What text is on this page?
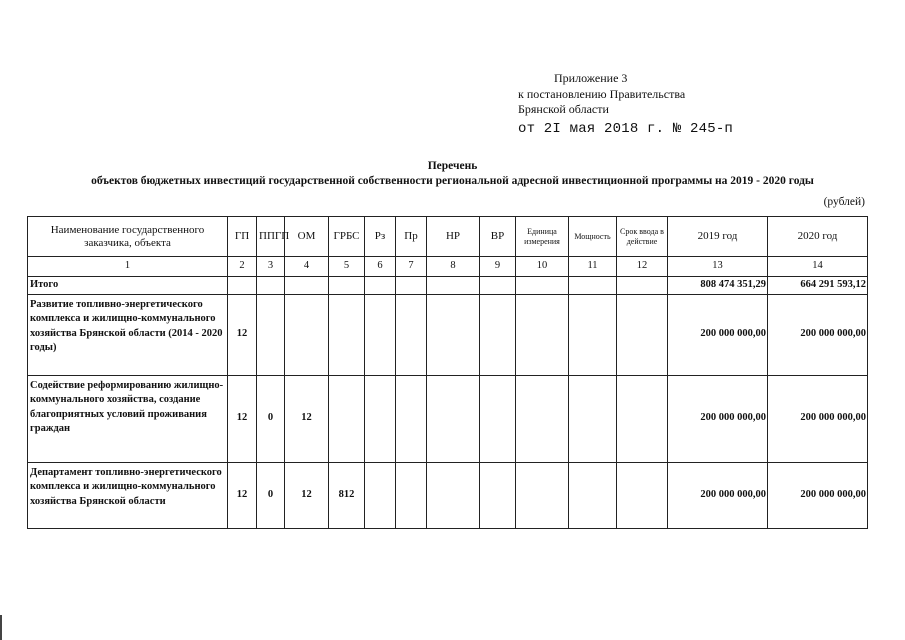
Приложение 3
к постановлению Правительства
Брянской области
от 2I мая 2018 г. № 245-п
Перечень
объектов бюджетных инвестиций государственной собственности региональной адресной инвестиционной программы на 2019 - 2020 годы
(рублей)
Наименование государственного заказчика, объекта	ГП	ППГП	ОМ	ГРБС	Рз	Пр	НР	ВР	Единица измерения	Мощность	Срок ввода в действие	2019 год	2020 год
1	2	3	4	5	6	7	8	9	10	11	12	13	14
Итого												808 474 351,29	664 291 593,12
Развитие топливно-энергетического комплекса и жилищно-коммунального хозяйства Брянской области (2014 - 2020 годы)	12											200 000 000,00	200 000 000,00
Содействие реформированию жилищно-коммунального хозяйства, создание благоприятных условий проживания граждан	12	0	12									200 000 000,00	200 000 000,00
Департамент топливно-энергетического комплекса и жилищно-коммунального хозяйства Брянской области	12	0	12	812								200 000 000,00	200 000 000,00
